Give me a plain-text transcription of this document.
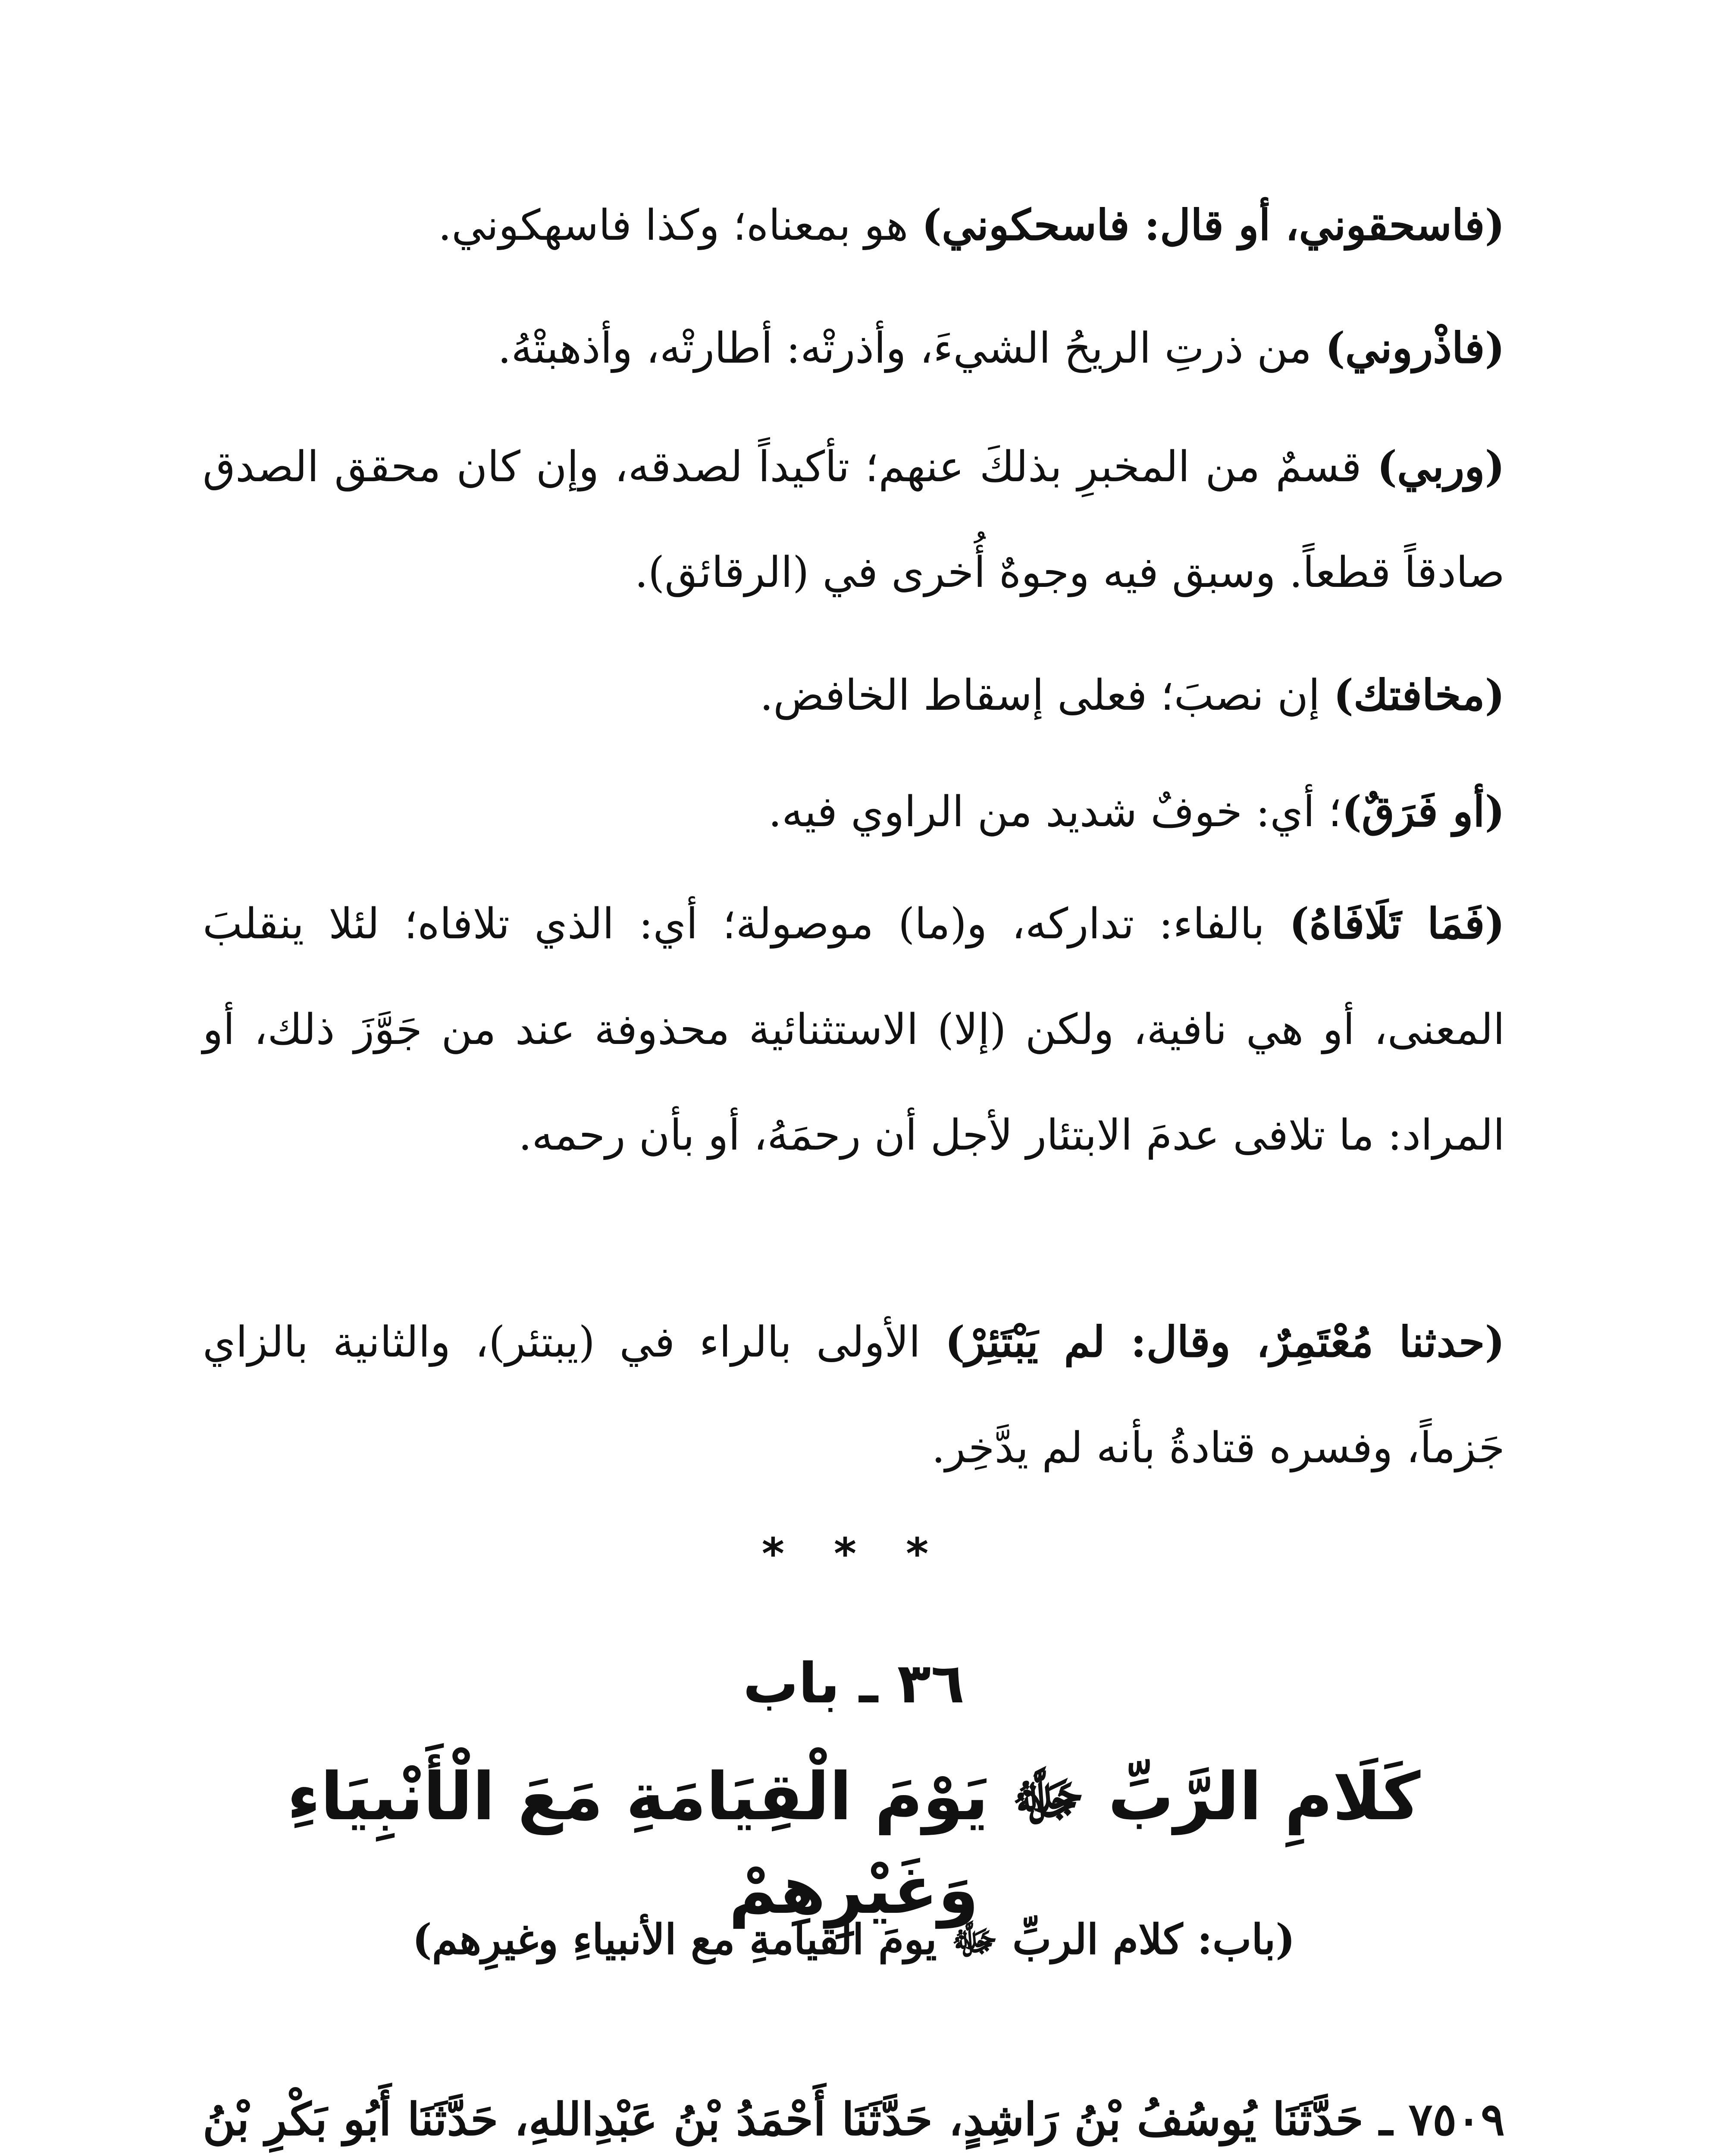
(فاسحقوني، أو قال: فاسحكوني) هو بمعناه؛ وكذا فاسهكوني.

(فاذْروني) من ذرتِ الريحُ الشيءَ، وأذرتْه: أطارتْه، وأذهبتْهُ.

(وربي) قسمٌ من المخبرِ بذلكَ عنهم؛ تأكيداً لصدقه، وإن كان محقق الصدق صادقاً قطعاً. وسبق فيه وجوهٌ أُخرى في (الرقائق).

(مخافتك) إن نصبَ؛ فعلى إسقاط الخافض.

(أو فَرَقٌ)؛ أي: خوفٌ شديد من الراوي فيه.

(فَمَا تَلَافَاهُ) بالفاء: تداركه، و(ما) موصولة؛ أي: الذي تلافاه؛ لئلا ينقلبَ المعنى، أو هي نافية، ولكن (إلا) الاستثنائية محذوفة عند من جَوَّزَ ذلك، أو المراد: ما تلافى عدمَ الابتئار لأجل أن رحمَهُ، أو بأن رحمه.

(حدثنا مُعْتَمِرٌ، وقال: لم يَبْتَئِرْ) الأولى بالراء في (يبتئر)، والثانية بالزاي جَزماً، وفسره قتادةُ بأنه لم يدَّخِر.

* * *
٣٦ ـ باب
كَلَامِ الرَّبِّ ﷻ يَوْمَ الْقِيَامَةِ مَعَ الْأَنْبِيَاءِ وَغَيْرِهِمْ
(باب: كلام الربِّ ﷻ يومَ القيامةِ مع الأنبياءِ وغيرِهم)

٧٥٠٩ ـ حَدَّثَنَا يُوسُفُ بْنُ رَاشِدٍ، حَدَّثَنَا أَحْمَدُ بْنُ عَبْدِاللهِ، حَدَّثَنَا أَبُو بَكْرِ بْنُ
